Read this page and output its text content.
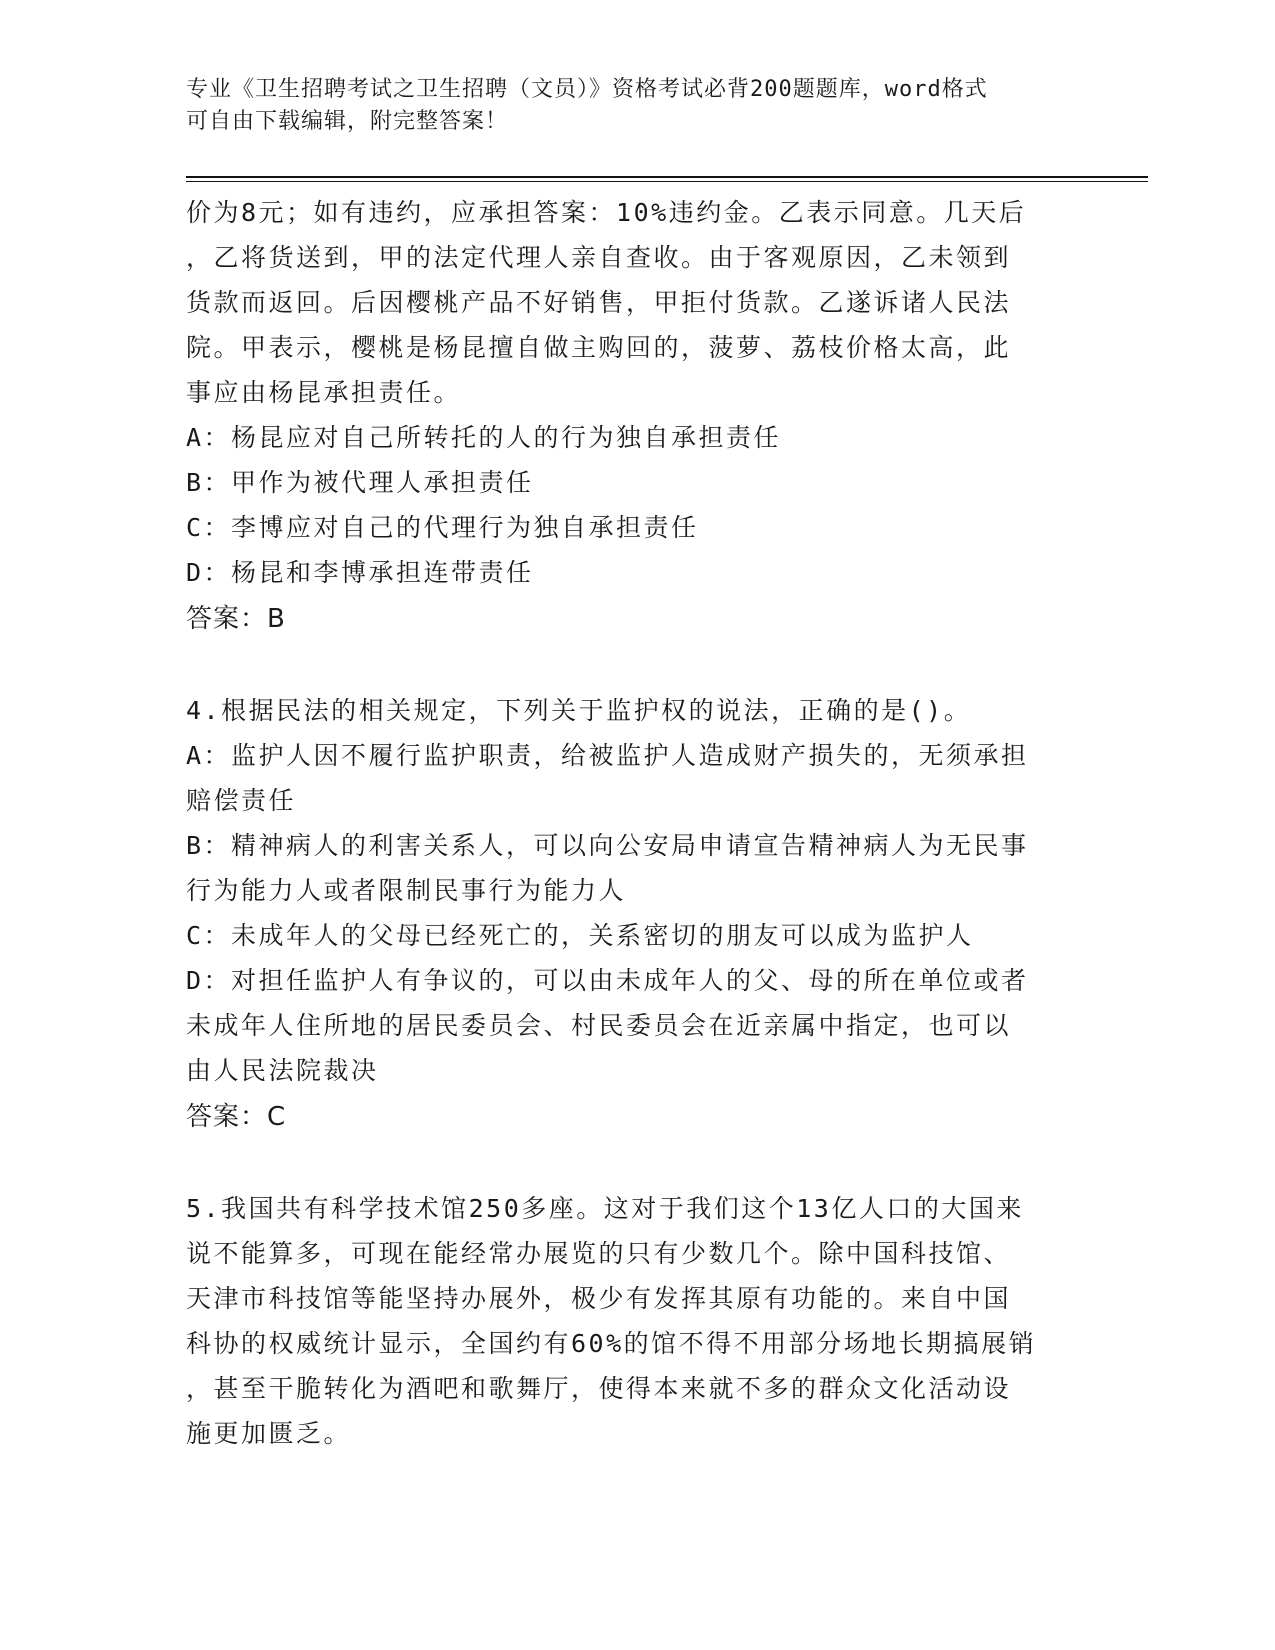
专业《卫生招聘考试之卫生招聘（文员）》资格考试必背200题题库，word格式
可自由下载编辑，附完整答案！
价为8元；如有违约，应承担答案：10%违约金。乙表示同意。几天后
，乙将货送到，甲的法定代理人亲自查收。由于客观原因，乙未领到
货款而返回。后因樱桃产品不好销售，甲拒付货款。乙遂诉诸人民法
院。甲表示，樱桃是杨昆擅自做主购回的，菠萝、荔枝价格太高，此
事应由杨昆承担责任。
A：杨昆应对自己所转托的人的行为独自承担责任
B：甲作为被代理人承担责任
C：李博应对自己的代理行为独自承担责任
D：杨昆和李博承担连带责任
答案：B
4.根据民法的相关规定，下列关于监护权的说法，正确的是()。
A：监护人因不履行监护职责，给被监护人造成财产损失的，无须承担
赔偿责任
B：精神病人的利害关系人，可以向公安局申请宣告精神病人为无民事
行为能力人或者限制民事行为能力人
C：未成年人的父母已经死亡的，关系密切的朋友可以成为监护人
D：对担任监护人有争议的，可以由未成年人的父、母的所在单位或者
未成年人住所地的居民委员会、村民委员会在近亲属中指定，也可以
由人民法院裁决
答案：C
5.我国共有科学技术馆250多座。这对于我们这个13亿人口的大国来
说不能算多，可现在能经常办展览的只有少数几个。除中国科技馆、
天津市科技馆等能坚持办展外，极少有发挥其原有功能的。来自中国
科协的权威统计显示，全国约有60%的馆不得不用部分场地长期搞展销
，甚至干脆转化为酒吧和歌舞厅，使得本来就不多的群众文化活动设
施更加匮乏。
